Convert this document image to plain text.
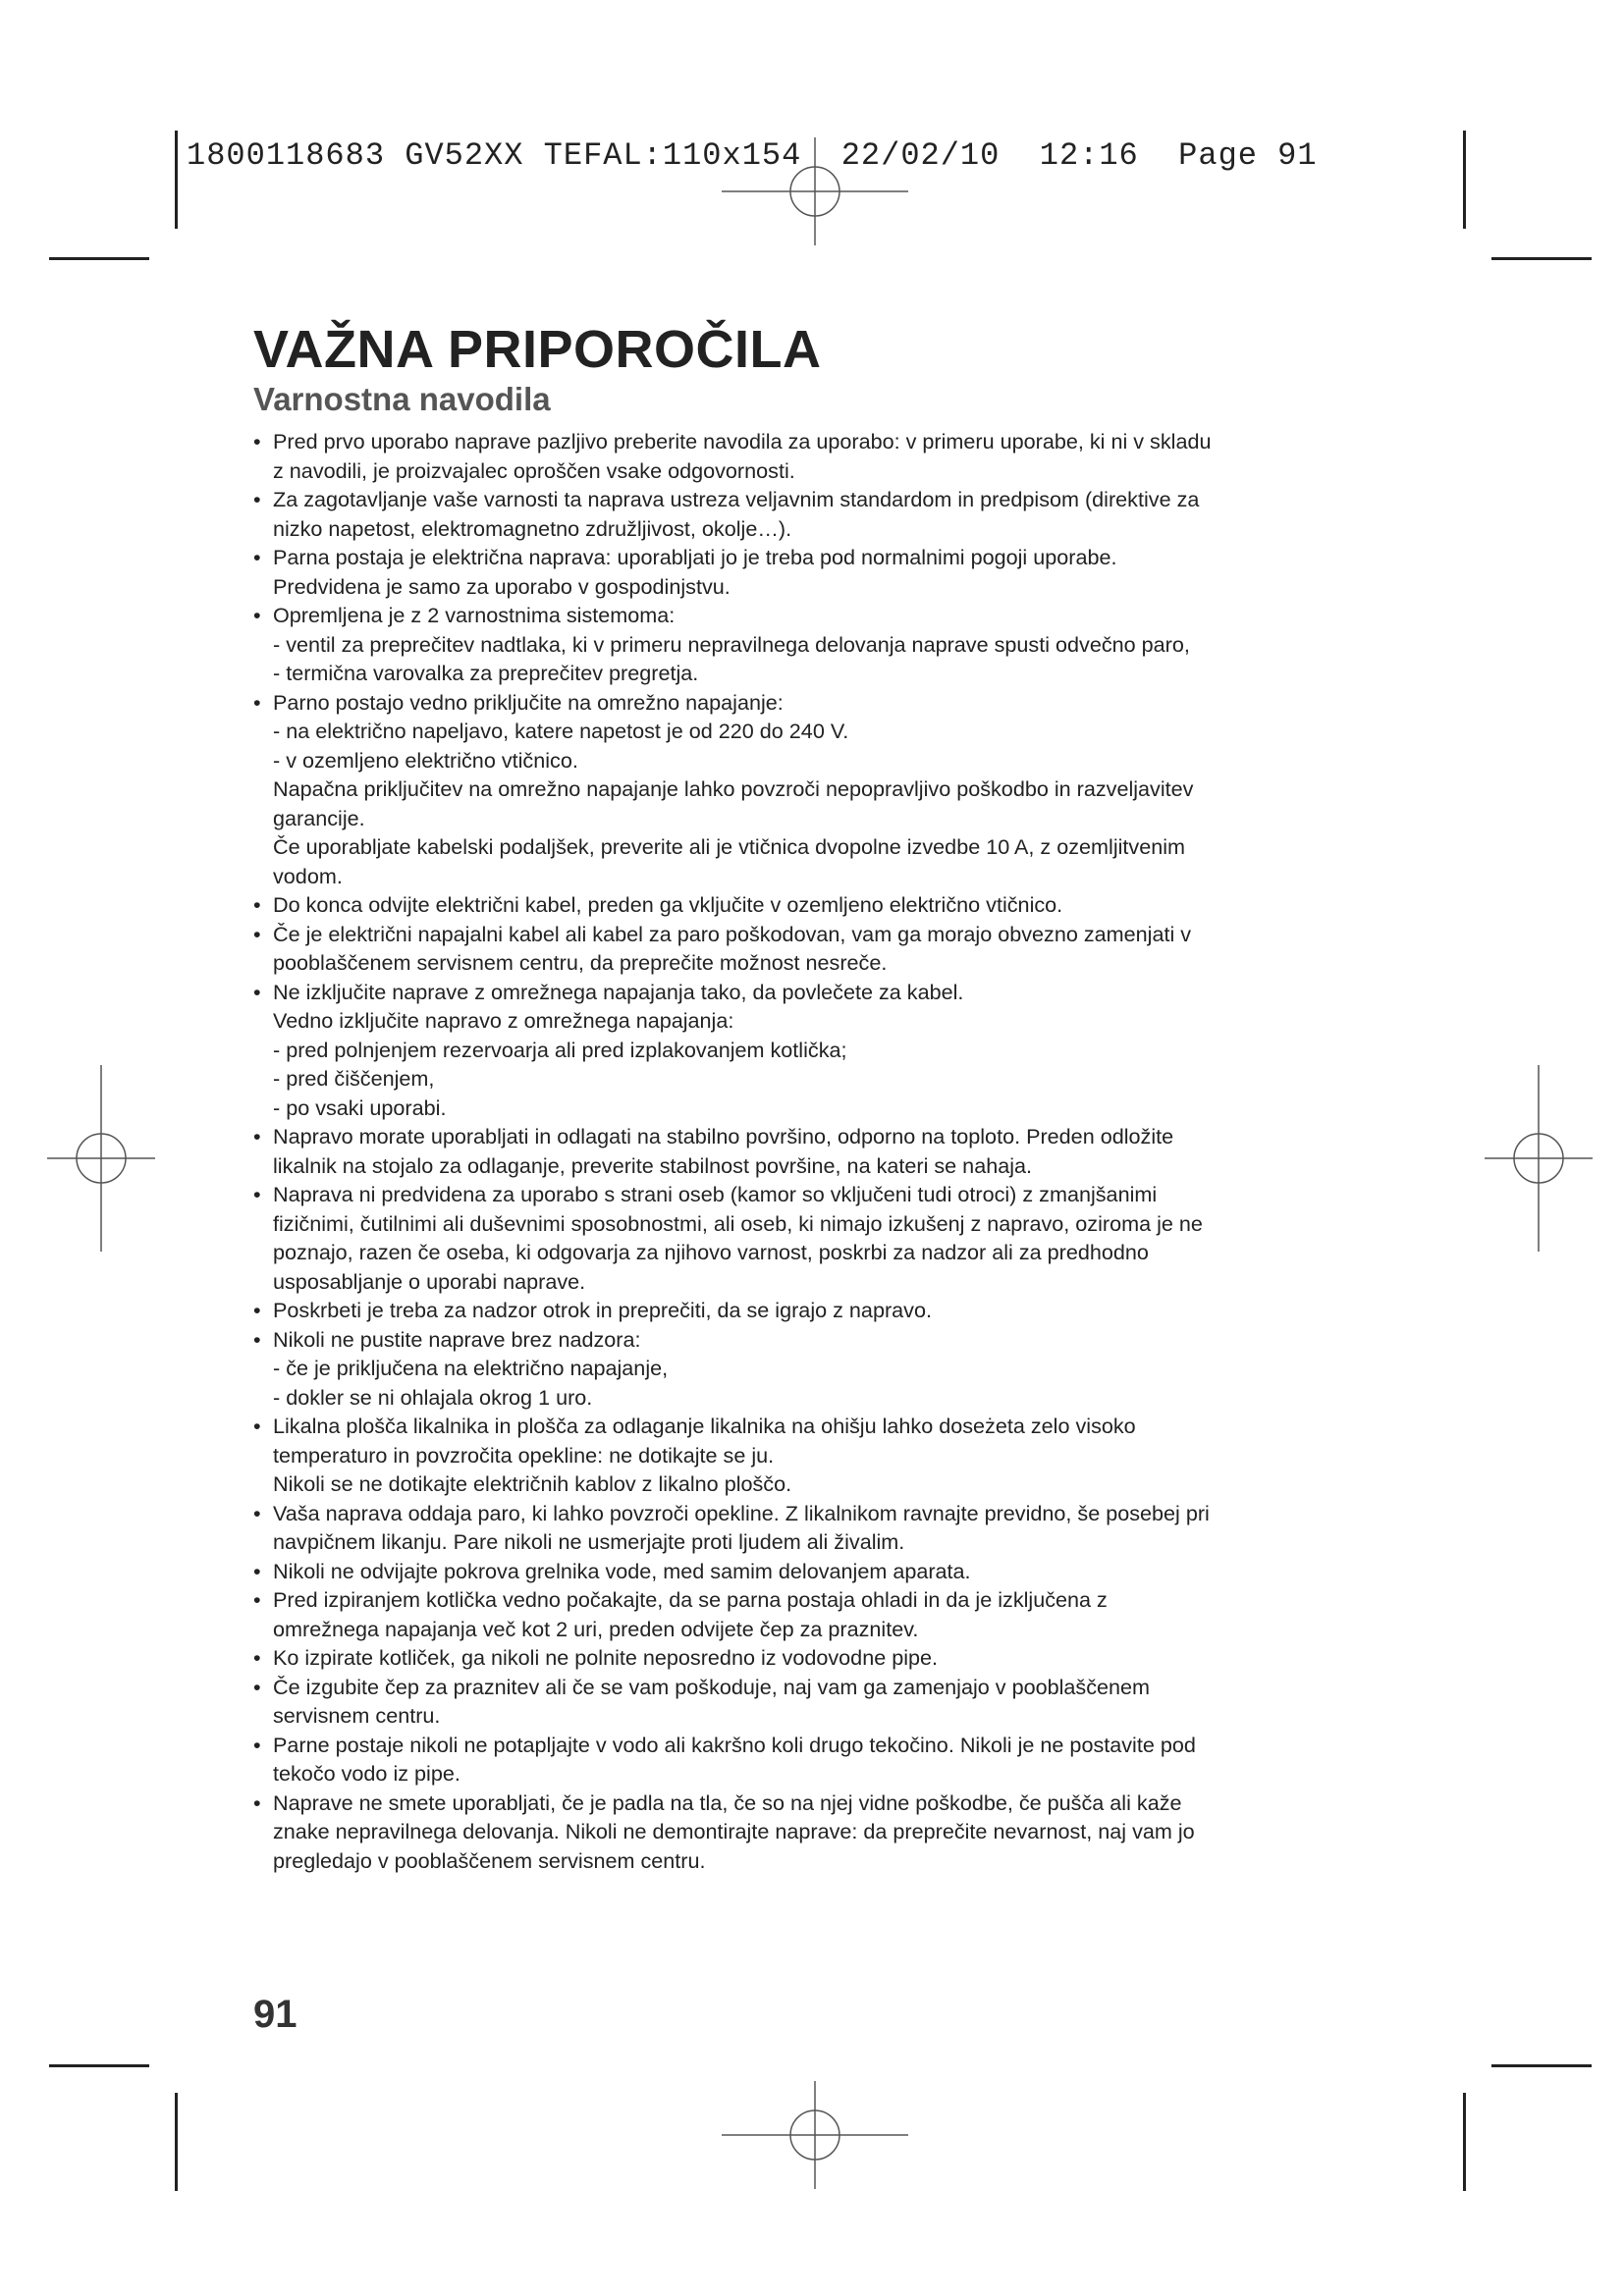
1800118683 GV52XX TEFAL:110x154  22/02/10  12:16  Page 91
VAŽNA PRIPOROČILA
Varnostna navodila
• Pred prvo uporabo naprave pazljivo preberite navodila za uporabo: v primeru uporabe, ki ni v skladu
z navodili, je proizvajalec oproščen vsake odgovornosti.
• Za zagotavljanje vaše varnosti ta naprava ustreza veljavnim standardom in predpisom (direktive za
nizko napetost, elektromagnetno združljivost, okolje…).
• Parna postaja je električna naprava: uporabljati jo je treba pod normalnimi pogoji uporabe.
Predvidena je samo za uporabo v gospodinjstvu.
• Opremljena je z 2 varnostnima sistemoma:
- ventil za preprečitev nadtlaka, ki v primeru nepravilnega delovanja naprave spusti odvečno paro,
- termična varovalka za preprečitev pregretja.
• Parno postajo vedno priključite na omrežno napajanje:
- na električno napeljavo, katere napetost je od 220 do 240 V.
- v ozemljeno električno vtičnico.
Napačna priključitev na omrežno napajanje lahko povzroči nepopravljivo poškodbo in razveljavitev
garancije.
Če uporabljate kabelski podaljšek, preverite ali je vtičnica dvopolne izvedbe 10 A, z ozemljitvenim
vodom.
• Do konca odvijte električni kabel, preden ga vključite v ozemljeno električno vtičnico.
• Če je električni napajalni kabel ali kabel za paro poškodovan, vam ga morajo obvezno zamenjati v
pooblaščenem servisnem centru, da preprečite možnost nesreče.
• Ne izključite naprave z omrežnega napajanja tako, da povlečete za kabel.
Vedno izključite napravo z omrežnega napajanja:
- pred polnjenjem rezervoarja ali pred izplakovanjem kotlička;
- pred čiščenjem,
- po vsaki uporabi.
• Napravo morate uporabljati in odlagati na stabilno površino, odporno na toploto. Preden odložite
likalnik na stojalo za odlaganje, preverite stabilnost površine, na kateri se nahaja.
• Naprava ni predvidena za uporabo s strani oseb (kamor so vključeni tudi otroci) z zmanjšanimi
fizičnimi, čutilnimi ali duševnimi sposobnostmi, ali oseb, ki nimajo izkušenj z napravo, oziroma je ne
poznajo, razen če oseba, ki odgovarja za njihovo varnost, poskrbi za nadzor ali za predhodno
usposabljanje o uporabi naprave.
• Poskrbeti je treba za nadzor otrok in preprečiti, da se igrajo z napravo.
• Nikoli ne pustite naprave brez nadzora:
- če je priključena na električno napajanje,
- dokler se ni ohlajala okrog 1 uro.
• Likalna plošča likalnika in plošča za odlaganje likalnika na ohišju lahko doseżeta zelo visoko
temperaturo in povzročita opekline: ne dotikajte se ju.
Nikoli se ne dotikajte električnih kablov z likalno ploščo.
• Vaša naprava oddaja paro, ki lahko povzroči opekline. Z likalnikom ravnajte previdno, še posebej pri
navpičnem likanju. Pare nikoli ne usmerjajte proti ljudem ali živalim.
• Nikoli ne odvijajte pokrova grelnika vode, med samim delovanjem aparata.
• Pred izpiranjem kotlička vedno počakajte, da se parna postaja ohladi in da je izključena z
omrežnega napajanja več kot 2 uri, preden odvijete čep za praznitev.
• Ko izpirate kotliček, ga nikoli ne polnite neposredno iz vodovodne pipe.
• Če izgubite čep za praznitev ali če se vam poškoduje, naj vam ga zamenjajo v pooblaščenem
servisnem centru.
• Parne postaje nikoli ne potapljajte v vodo ali kakršno koli drugo tekočino. Nikoli je ne postavite pod
tekočo vodo iz pipe.
• Naprave ne smete uporabljati, če je padla na tla, če so na njej vidne poškodbe, če pušča ali kaže
znake nepravilnega delovanja. Nikoli ne demontirajte naprave: da preprečite nevarnost, naj vam jo
pregledajo v pooblaščenem servisnem centru.
91
